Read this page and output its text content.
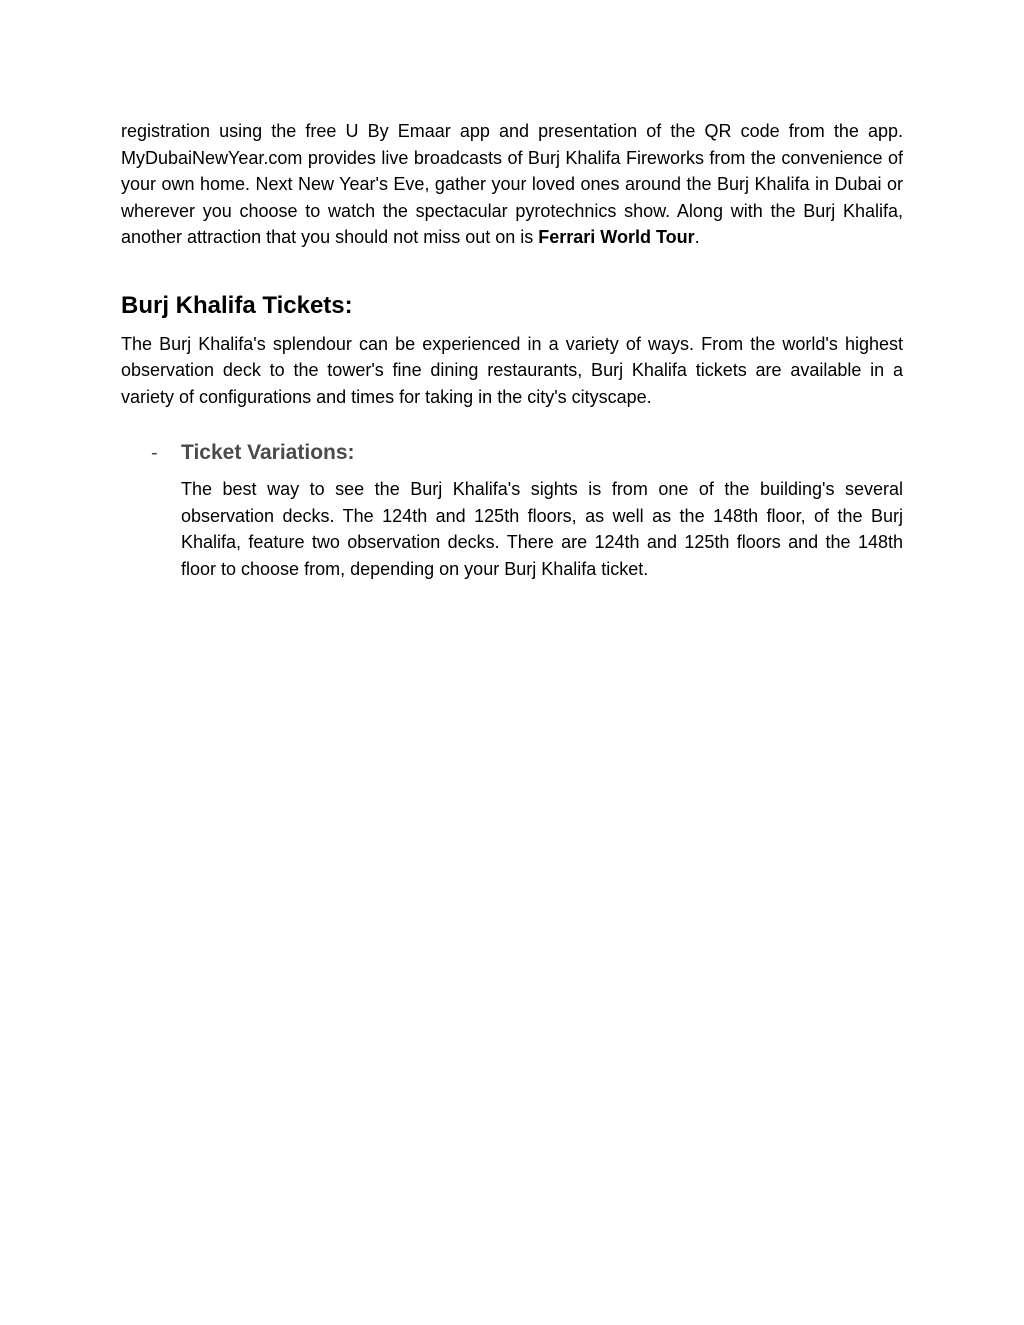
registration using the free U By Emaar app and presentation of the QR code from the app. MyDubaiNewYear.com provides live broadcasts of Burj Khalifa Fireworks from the convenience of your own home. Next New Year's Eve, gather your loved ones around the Burj Khalifa in Dubai or wherever you choose to watch the spectacular pyrotechnics show. Along with the Burj Khalifa, another attraction that you should not miss out on is Ferrari World Tour.

Burj Khalifa Tickets:

The Burj Khalifa's splendour can be experienced in a variety of ways. From the world's highest observation deck to the tower's fine dining restaurants, Burj Khalifa tickets are available in a variety of configurations and times for taking in the city's cityscape.

- Ticket Variations:

The best way to see the Burj Khalifa's sights is from one of the building's several observation decks. The 124th and 125th floors, as well as the 148th floor, of the Burj Khalifa, feature two observation decks. There are 124th and 125th floors and the 148th floor to choose from, depending on your Burj Khalifa ticket.
